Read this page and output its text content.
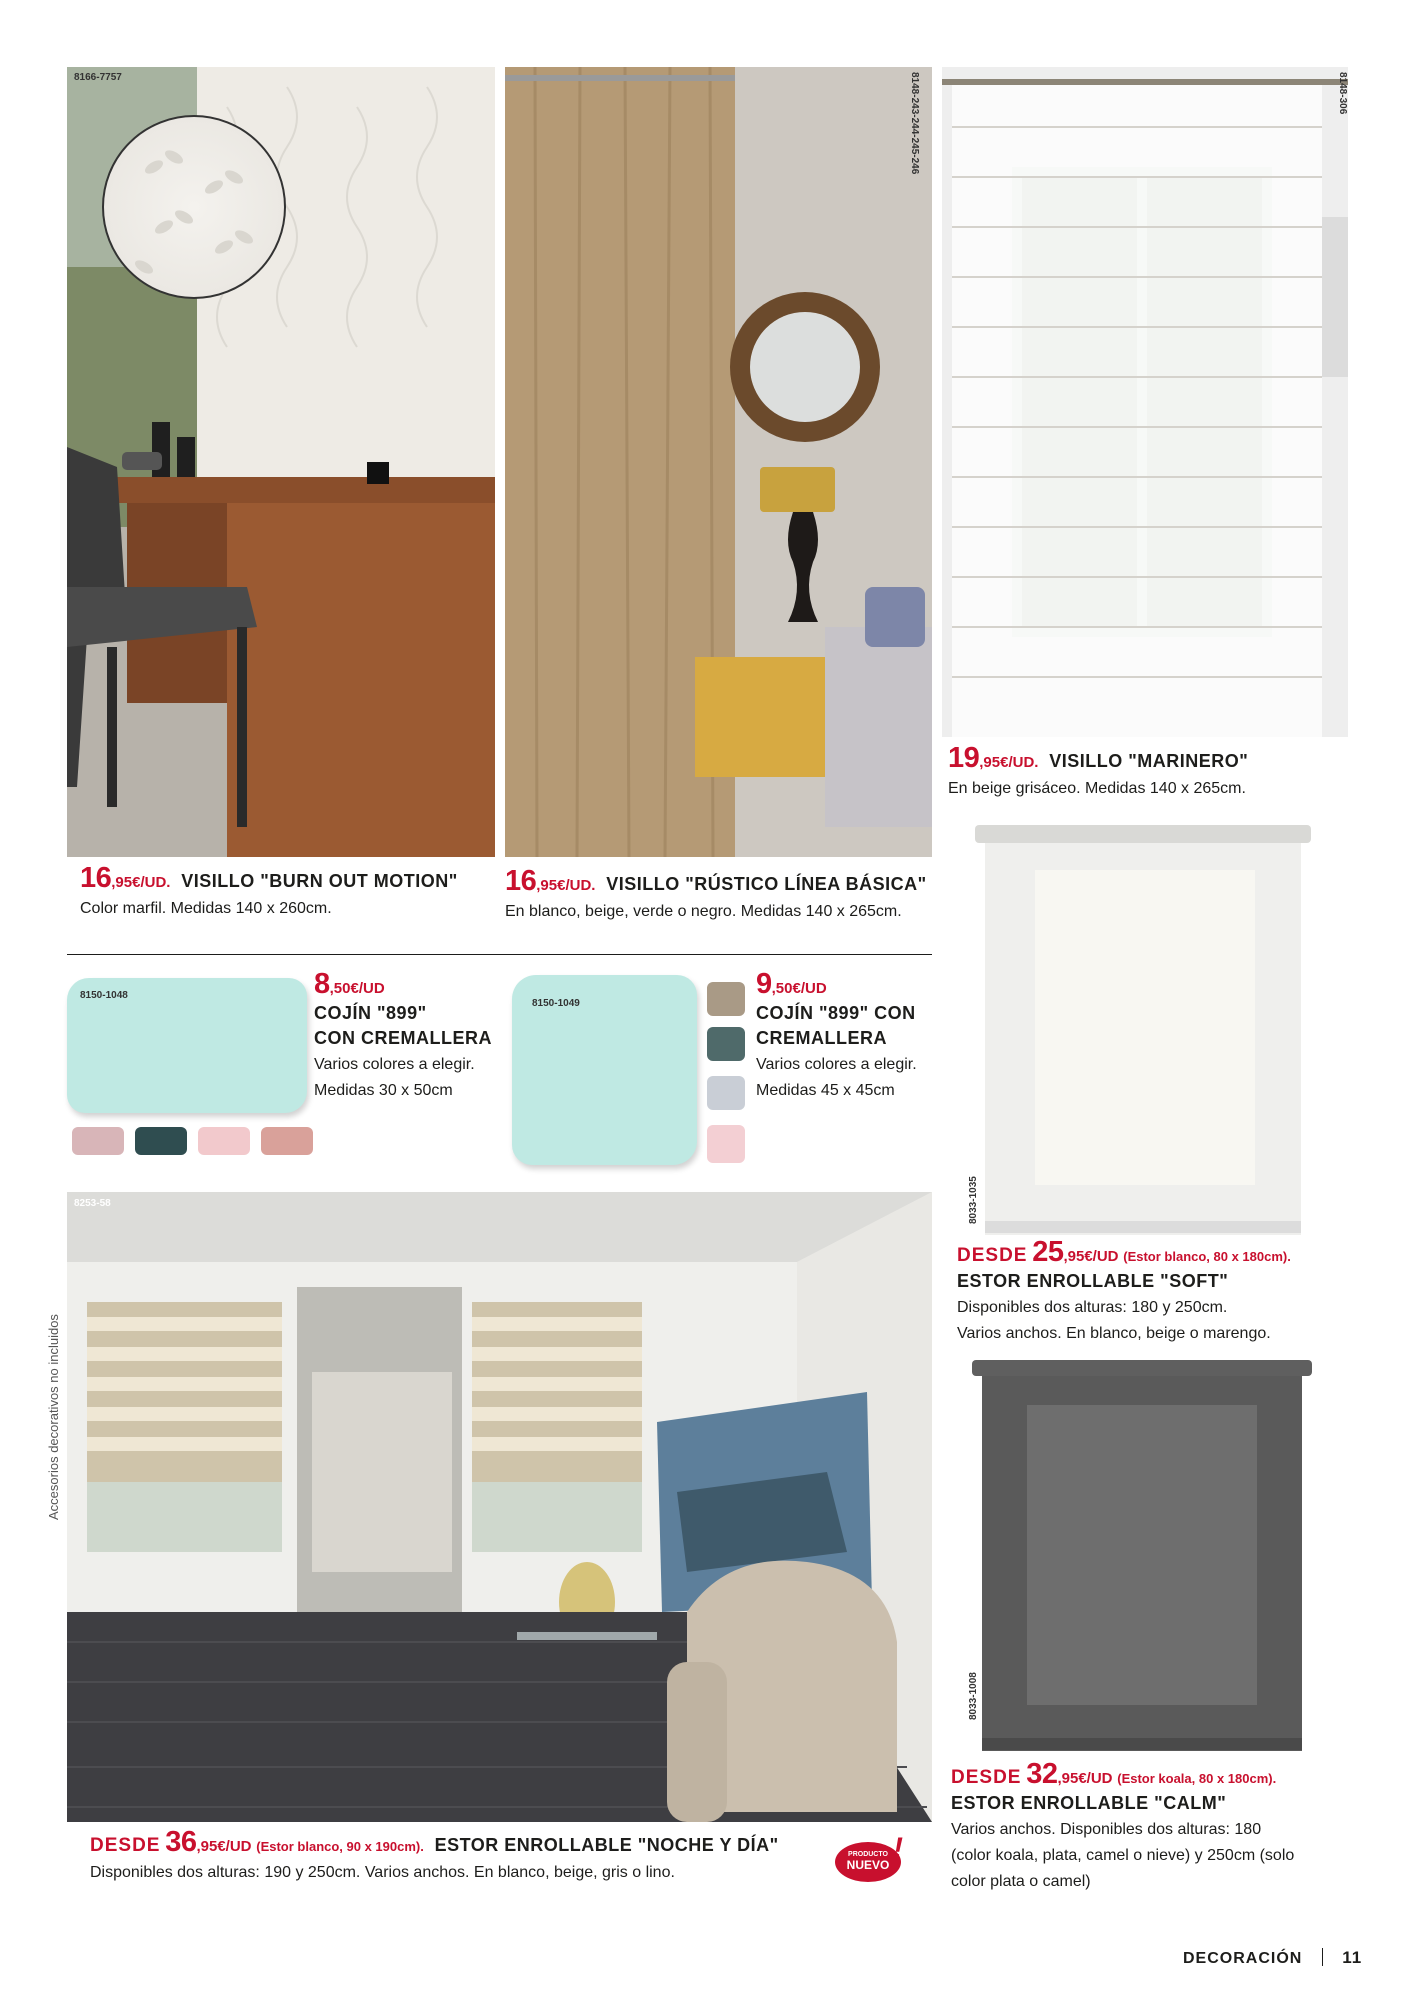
8166-7757	8148-243-244-245-246	8148-306
16,95€/UD. VISILLO "BURN OUT MOTION"
Color marfil. Medidas 140 x 260cm.
16,95€/UD. VISILLO "RÚSTICO LÍNEA BÁSICA"
En blanco, beige, verde o negro. Medidas 140 x 265cm.
19,95€/UD. VISILLO "MARINERO"
En beige grisáceo. Medidas 140 x 265cm.
8150-1048	8,50€/UD
COJÍN "899"
CON CREMALLERA
Varios colores a elegir.
Medidas 30 x 50cm
8150-1049
9,50€/UD
COJÍN "899" CON
CREMALLERA
Varios colores a elegir.
Medidas 45 x 45cm
8033-1035
DESDE 25,95€/UD (Estor blanco, 80 x 180cm).
ESTOR ENROLLABLE "SOFT"
Disponibles dos alturas: 180 y 250cm.
Varios anchos. En blanco, beige o marengo.
8033-1008
DESDE 32,95€/UD (Estor koala, 80 x 180cm).
ESTOR ENROLLABLE "CALM"
Varios anchos. Disponibles dos alturas: 180
(color koala, plata, camel o nieve) y 250cm (solo
color plata o camel)
8253-58
Accesorios decorativos no incluidos
DESDE 36,95€/UD (Estor blanco, 90 x 190cm). ESTOR ENROLLABLE "NOCHE Y DÍA"
Disponibles dos alturas: 190 y 250cm. Varios anchos. En blanco, beige, gris o lino.
PRODUCTO
NUEVO !
DECORACIÓN 11
